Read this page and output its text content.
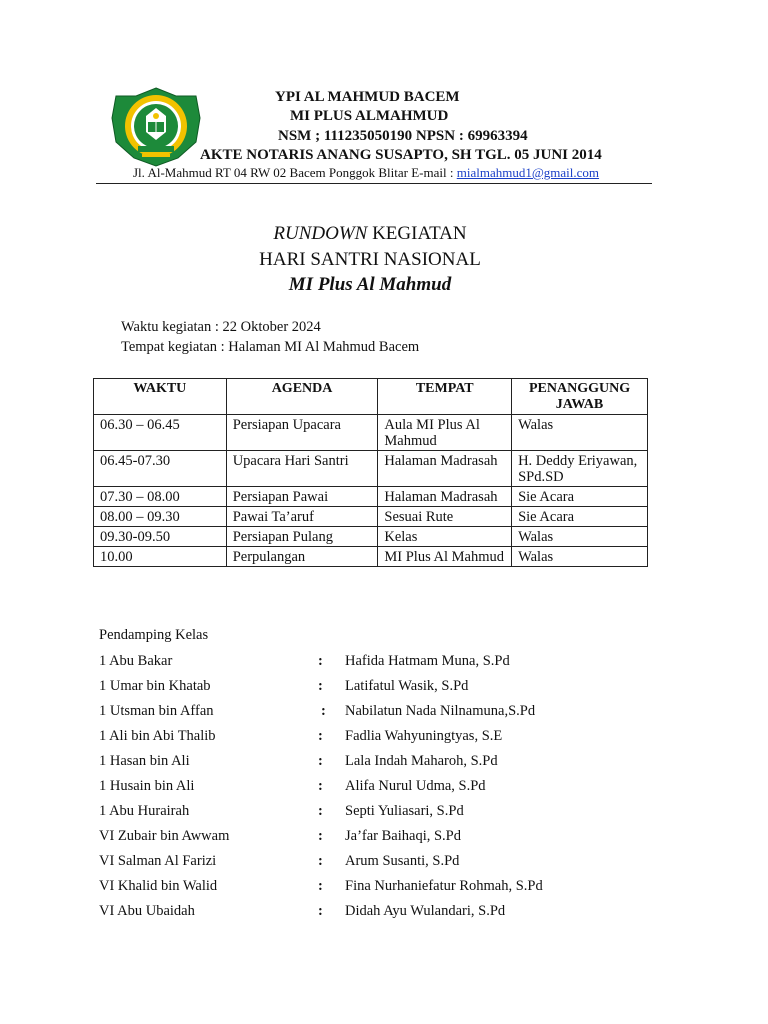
YPI AL MAHMUD BACEM
MI PLUS ALMAHMUD
NSM ; 111235050190 NPSN : 69963394
AKTE NOTARIS ANANG SUSAPTO, SH TGL. 05 JUNI 2014
Jl. Al-Mahmud RT 04 RW 02 Bacem Ponggok Blitar E-mail : mialmahmud1@gmail.com
RUNDOWN KEGIATAN
HARI SANTRI NASIONAL
MI Plus Al Mahmud
Waktu kegiatan : 22 Oktober 2024
Tempat kegiatan : Halaman MI Al Mahmud Bacem
WAKTU	AGENDA	TEMPAT	PENANGGUNG JAWAB
06.30 – 06.45	Persiapan Upacara	Aula MI Plus Al Mahmud	Walas
06.45-07.30	Upacara Hari Santri	Halaman Madrasah	H. Deddy Eriyawan, SPd.SD
07.30 – 08.00	Persiapan Pawai	Halaman Madrasah	Sie Acara
08.00 – 09.30	Pawai Ta’aruf	Sesuai Rute	Sie Acara
09.30-09.50	Persiapan Pulang	Kelas	Walas
10.00	Perpulangan	MI Plus Al Mahmud	Walas
Pendamping Kelas
1 Abu Bakar	: Hafida Hatmam Muna, S.Pd
1 Umar bin Khatab	: Latifatul Wasik, S.Pd
1 Utsman bin Affan	: Nabilatun Nada Nilnamuna,S.Pd
1 Ali bin Abi Thalib	: Fadlia Wahyuningtyas, S.E
1 Hasan bin Ali	: Lala Indah Maharoh, S.Pd
1 Husain bin Ali	: Alifa Nurul Udma, S.Pd
1 Abu Hurairah	: Septi Yuliasari, S.Pd
VI Zubair bin Awwam	: Ja’far Baihaqi, S.Pd
VI Salman Al Farizi	: Arum Susanti, S.Pd
VI Khalid bin Walid	: Fina Nurhaniefatur Rohmah, S.Pd
VI Abu Ubaidah	: Didah Ayu Wulandari, S.Pd
